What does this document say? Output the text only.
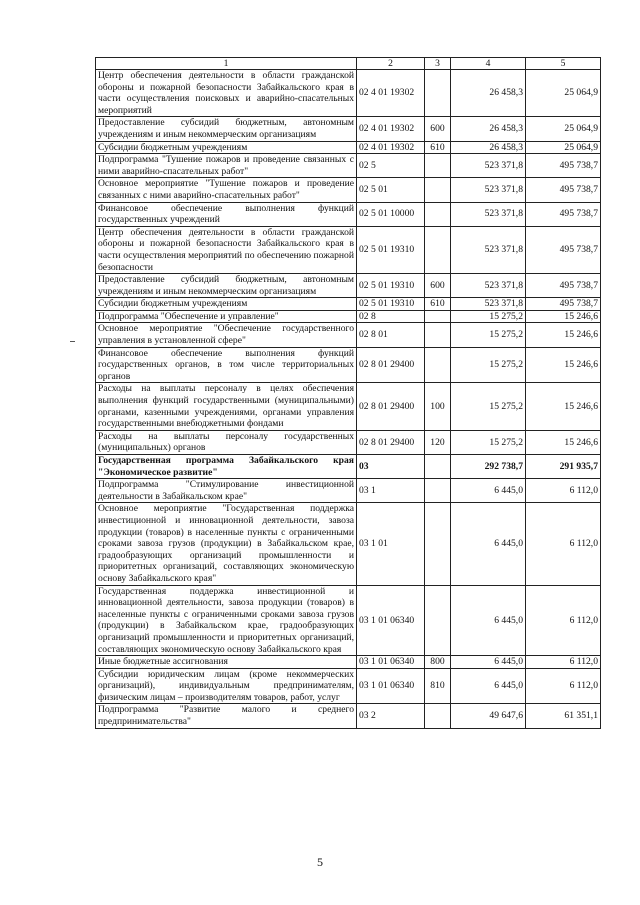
1	2	3	4	5
Центр обеспечения деятельности в области гражданской обороны и пожарной безопасности Забайкальского края в части осуществления поисковых и аварийно-спасательных мероприятий	02 4 01 19302		26 458,3	25 064,9
Предоставление субсидий бюджетным, автономным учреждениям и иным некоммерческим организациям	02 4 01 19302	600	26 458,3	25 064,9
Субсидии бюджетным учреждениям	02 4 01 19302	610	26 458,3	25 064,9
Подпрограмма "Тушение пожаров и проведение связанных с ними аварийно-спасательных работ"	02 5		523 371,8	495 738,7
Основное мероприятие "Тушение пожаров и проведение связанных с ними аварийно-спасательных работ"	02 5 01		523 371,8	495 738,7
Финансовое обеспечение выполнения функций государственных учреждений	02 5 01 10000		523 371,8	495 738,7
Центр обеспечения деятельности в области гражданской обороны и пожарной безопасности Забайкальского края в части осуществления мероприятий по обеспечению пожарной безопасности	02 5 01 19310		523 371,8	495 738,7
Предоставление субсидий бюджетным, автономным учреждениям и иным некоммерческим организациям	02 5 01 19310	600	523 371,8	495 738,7
Субсидии бюджетным учреждениям	02 5 01 19310	610	523 371,8	495 738,7
Подпрограмма "Обеспечение и управление"	02 8		15 275,2	15 246,6
Основное мероприятие "Обеспечение государственного управления в установленной сфере"	02 8 01		15 275,2	15 246,6
Финансовое обеспечение выполнения функций государственных органов, в том числе территориальных органов	02 8 01 29400		15 275,2	15 246,6
Расходы на выплаты персоналу в целях обеспечения выполнения функций государственными (муниципальными) органами, казенными учреждениями, органами управления государственными внебюджетными фондами	02 8 01 29400	100	15 275,2	15 246,6
Расходы на выплаты персоналу государственных (муниципальных) органов	02 8 01 29400	120	15 275,2	15 246,6
Государственная программа Забайкальского края "Экономическое развитие"	03		292 738,7	291 935,7
Подпрограмма "Стимулирование инвестиционной деятельности в Забайкальском крае"	03 1		6 445,0	6 112,0
Основное мероприятие "Государственная поддержка инвестиционной и инновационной деятельности, завоза продукции (товаров) в населенные пункты с ограниченными сроками завоза грузов (продукции) в Забайкальском крае, градообразующих организаций промышленности и приоритетных организаций, составляющих экономическую основу Забайкальского края"	03 1 01		6 445,0	6 112,0
Государственная поддержка инвестиционной и инновационной деятельности, завоза продукции (товаров) в населенные пункты с ограниченными сроками завоза грузов (продукции) в Забайкальском крае, градообразующих организаций промышленности и приоритетных организаций, составляющих экономическую основу Забайкальского края	03 1 01 06340		6 445,0	6 112,0
Иные бюджетные ассигнования	03 1 01 06340	800	6 445,0	6 112,0
Субсидии юридическим лицам (кроме некоммерческих организаций), индивидуальным предпринимателям, физическим лицам – производителям товаров, работ, услуг	03 1 01 06340	810	6 445,0	6 112,0
Подпрограмма "Развитие малого и среднего предпринимательства"	03 2		49 647,6	61 351,1
5
